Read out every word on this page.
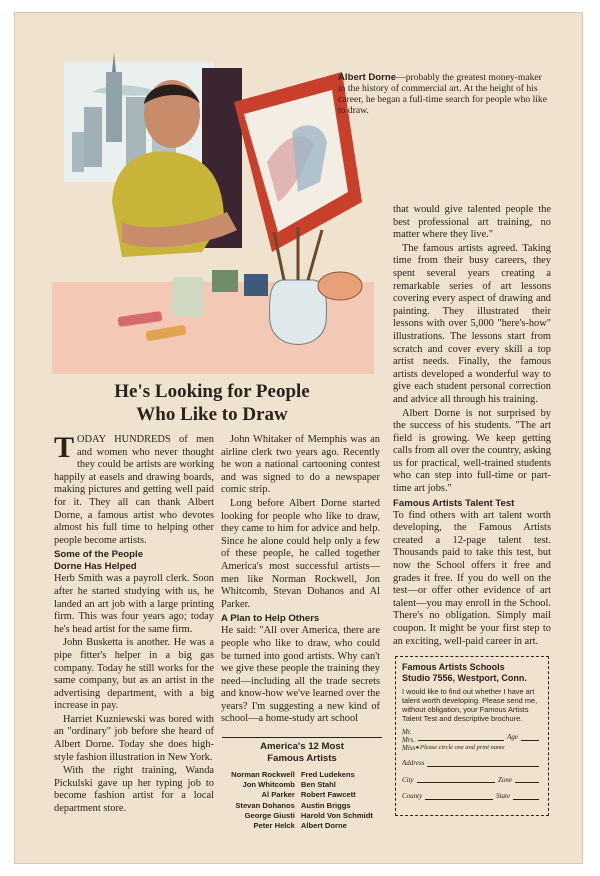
Albert Dorne—probably the greatest money-maker in the history of commercial art. At the height of his career, he began a full-time search for people who like to draw.
He's Looking for People
Who Like to Draw

TODAY HUNDREDS of men and women who never thought they could be artists are working happily at easels and drawing boards, making pictures and getting well paid for it. They all can thank Albert Dorne, a famous artist who devotes almost his full time to helping other people become artists.

Some of the People
Dorne Has Helped

Herb Smith was a payroll clerk. Soon after he started studying with us, he landed an art job with a large printing firm. This was four years ago; today he's head artist for the same firm.

John Busketta is another. He was a pipe fitter's helper in a big gas company. Today he still works for the same company, but as an artist in the advertising department, with a big increase in pay.

Harriet Kuzniewski was bored with an "ordinary" job before she heard of Albert Dorne. Today she does high-style fashion illustration in New York.

With the right training, Wanda Pickulski gave up her typing job to become fashion artist for a local department store.

John Whitaker of Memphis was an airline clerk two years ago. Recently he won a national cartooning contest and was signed to do a newspaper comic strip.

Long before Albert Dorne started looking for people who like to draw, they came to him for advice and help. Since he alone could help only a few of these people, he called together America's most successful artists—men like Norman Rockwell, Jon Whitcomb, Stevan Dohanos and Al Parker.

A Plan to Help Others

He said: "All over America, there are people who like to draw, who could be turned into good artists. Why can't we give these people the training they need—including all the trade secrets and know-how we've learned over the years? I'm suggesting a new kind of school—a home-study art school

America's 12 Most
Famous Artists
Norman Rockwell
Jon Whitcomb
Al Parker
Stevan Dohanos
George Giusti
Peter Helck
Fred Ludekens
Ben Stahl
Robert Fawcett
Austin Briggs
Harold Von Schmidt
Albert Dorne

that would give talented people the best professional art training, no matter where they live."

The famous artists agreed. Taking time from their busy careers, they spent several years creating a remarkable series of art lessons covering every aspect of drawing and painting. They illustrated their lessons with over 5,000 "here's-how" illustrations. The lessons start from scratch and cover every skill a top artist needs. Finally, the famous artists developed a wonderful way to give each student personal correction and advice all through his training.

Albert Dorne is not surprised by the success of his students. "The art field is growing. We keep getting calls from all over the country, asking us for practical, well-trained students who can step into full-time or part-time art jobs."

Famous Artists Talent Test

To find others with art talent worth developing, the Famous Artists created a 12-page talent test. Thousands paid to take this test, but now the School offers it free and grades it free. If you do well on the test—or offer other evidence of art talent—you may enroll in the School. There's no obligation. Simply mail coupon. It might be your first step to an exciting, well-paid career in art.

Famous Artists Schools
Studio 7556, Westport, Conn.
I would like to find out whether I have art talent worth developing. Please send me, without obligation, your Famous Artists Talent Test and descriptive brochure.
Mr.
Mrs.
Miss
Age
◂ Please circle one and print name
Address
City	Zone
County	State
